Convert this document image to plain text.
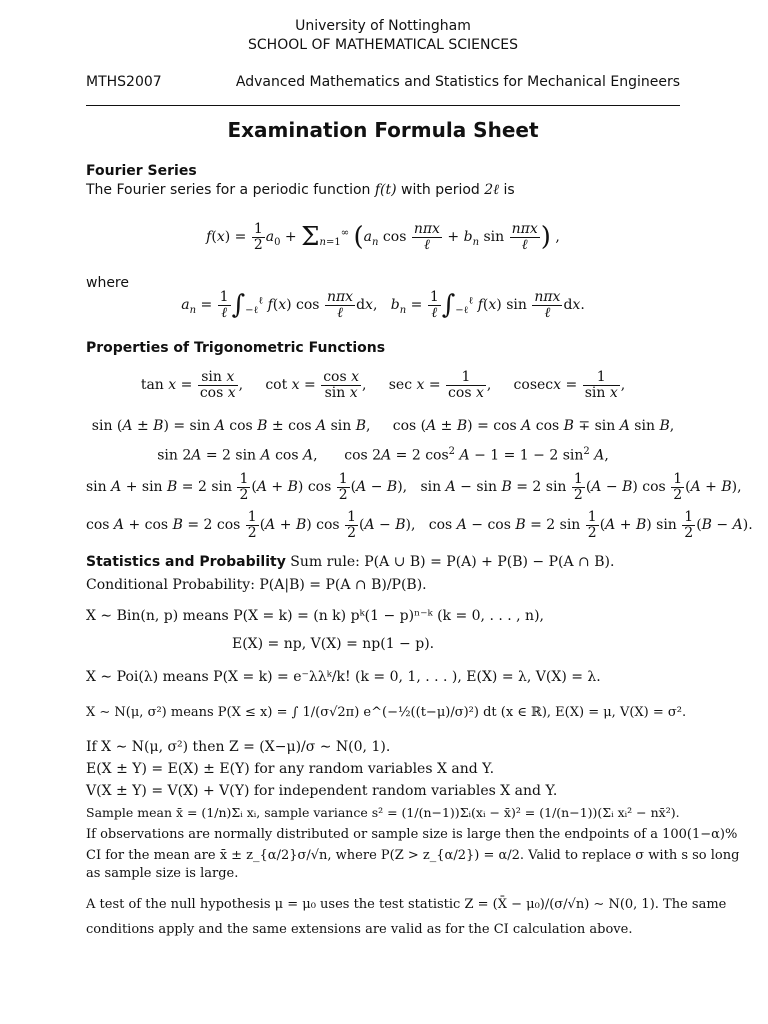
University of Nottingham
SCHOOL OF MATHEMATICAL SCIENCES
MTHS2007	Advanced Mathematics and Statistics for Mechanical Engineers
Examination Formula Sheet
Fourier Series
The Fourier series for a periodic function f(t) with period 2ℓ is
$f(x) = \frac{1}{2} a_0 + \Sigma_{n=1}^\infty$ ($a_n$ $\cos \frac{\text{nπx}}{\text{ℓ}} + b_n$ $\sin \frac{\text{nπx}}{\text{ℓ}}$ ) ,
where
$a_n = \frac{1}{\text{ℓ}} \int_{-\ell}^\ell$ f(x) $\cos \frac{\text{nπx}}{\text{ℓ}}$ dx,   $b_n = \frac{1}{\text{ℓ}} \int_{-\ell}^\ell$ f(x) $\sin \frac{\text{nπx}}{\text{ℓ}}$ dx.
Properties of Trigonometric Functions
$\tan x = \frac{\text{sin x}}{\text{cos x}}$ ,     $\cot x = \frac{\text{cos x}}{\text{sin x}}$ ,     $\sec x = \frac{1}{\text{cos x}}$ ,     $cosecx = \frac{1}{\text{sin x}}$ ,
sin (A ± B) = sin A cos B ± cos A sin B,     cos (A ± B) = cos A cos B ∓ sin A sin B,
sin 2A = 2 sin A cos A,      cos 2A = 2 $\cos^2 A - 1 = 1 - 2$ $\sin^2 A$,
sin A + sin B = 2 $\sin \frac{1}{2} (A + B)$ $\cos \frac{1}{2} (A - B)$,   sin A − sin B = 2 $\sin \frac{1}{2} (A - B)$ $\cos \frac{1}{2} (A + B)$,
cos A + cos B = 2 $\cos \frac{1}{2} (A + B)$ $\cos \frac{1}{2} (A - B)$,   cos A − cos B = 2 $\sin \frac{1}{2} (A + B)$ $\sin \frac{1}{2} (B - A)$.
Statistics and Probability Sum rule: P(A ∪ B) = P(A) + P(B) − P(A ∩ B).
Conditional Probability: P(A|B) = P(A ∩ B)/P(B).
X ∼ Bin(n, p) means P(X = k) = (n k) pᵏ(1 − p)ⁿ⁻ᵏ (k = 0, . . . , n),
E(X) = np, V(X) = np(1 − p).
X ∼ Poi(λ) means P(X = k) = e⁻λλᵏ/k! (k = 0, 1, . . . ), E(X) = λ, V(X) = λ.
X ∼ N(μ, σ²) means P(X ≤ x) = ∫ 1/(σ√2π) e^(−½((t−μ)/σ)²) dt (x ∈ ℝ), E(X) = μ, V(X) = σ².
If X ∼ N(μ, σ²) then Z = (X−μ)/σ ∼ N(0, 1).
E(X ± Y) = E(X) ± E(Y) for any random variables X and Y.
V(X ± Y) = V(X) + V(Y) for independent random variables X and Y.
Sample mean x̄ = (1/n)Σᵢ xᵢ, sample variance s² = (1/(n−1))Σᵢ(xᵢ − x̄)² = (1/(n−1))(Σᵢ xᵢ² − nx̄²).
If observations are normally distributed or sample size is large then the endpoints of a 100(1−α)%
CI for the mean are x̄ ± z_{α/2}σ/√n, where P(Z > z_{α/2}) = α/2. Valid to replace σ with s so long
as sample size is large.
A test of the null hypothesis μ = μ₀ uses the test statistic Z = (X̄ − μ₀)/(σ/√n) ∼ N(0, 1). The same
conditions apply and the same extensions are valid as for the CI calculation above.
